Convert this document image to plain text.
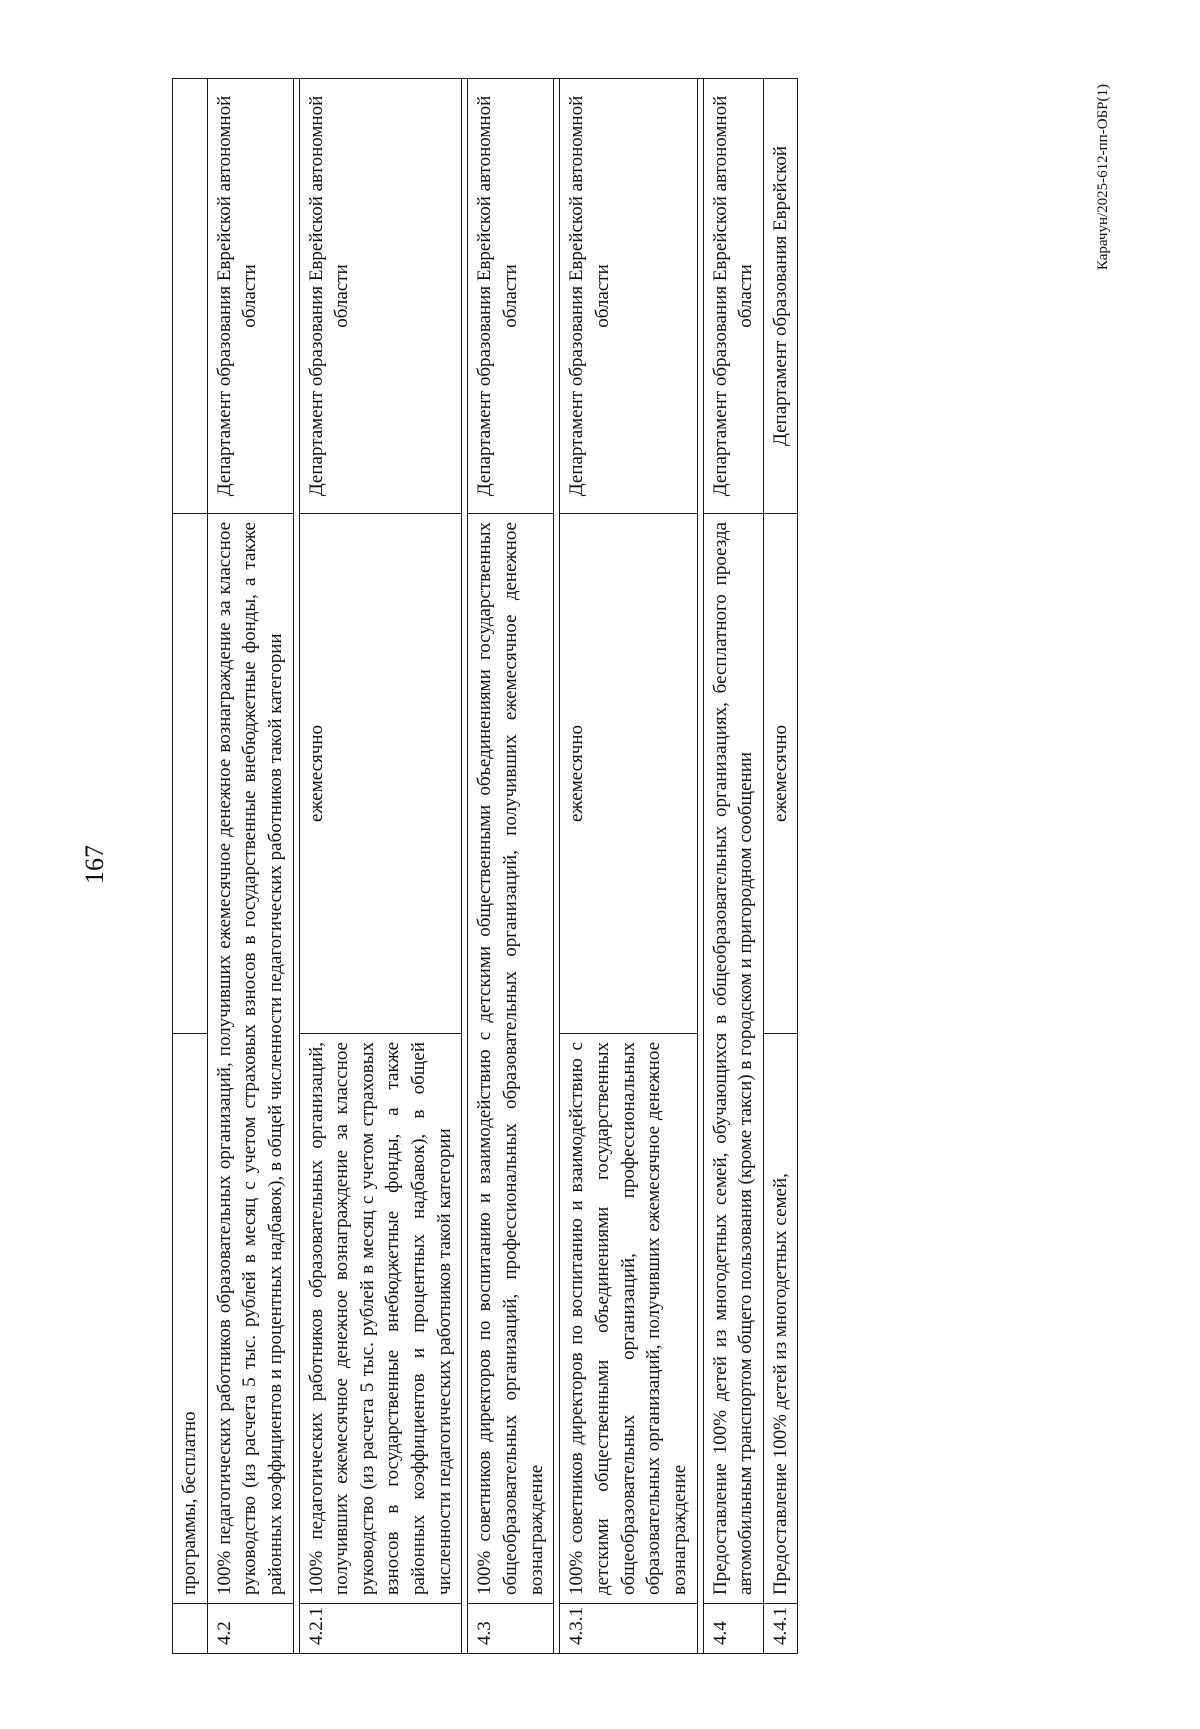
167
	программы, бесплатно		
4.2	100% педагогических работников образовательных организаций, получивших ежемесячное денежное вознаграждение за классное руководство (из расчета 5 тыс. рублей в месяц с учетом страховых взносов в государственные внебюджетные фонды, а также районных коэффициентов и процентных надбавок), в общей численности педагогических работников такой категории		Департамент образования Еврейской автономной области

4.2.1	100% педагогических работников образовательных организаций, получивших ежемесячное денежное вознаграждение за классное руководство (из расчета 5 тыс. рублей в месяц с учетом страховых взносов в государственные внебюджетные фонды, а также районных коэффициентов и процентных надбавок), в общей численности педагогических работников такой категории	ежемесячно	Департамент образования Еврейской автономной области

4.3	100% советников директоров по воспитанию и взаимодействию с детскими общественными объединениями государственных общеобразовательных организаций, профессиональных образовательных организаций, получивших ежемесячное денежное вознаграждение		Департамент образования Еврейской автономной области

4.3.1	100% советников директоров по воспитанию и взаимодействию с детскими общественными объединениями государственных общеобразовательных организаций, профессиональных образовательных организаций, получивших ежемесячное денежное вознаграждение	ежемесячно	Департамент образования Еврейской автономной области

4.4	Предоставление 100% детей из многодетных семей, обучающихся в общеобразовательных организациях, бесплатного проезда автомобильным транспортом общего пользования (кроме такси) в городском и пригородном сообщении		Департамент образования Еврейской автономной области
4.4.1	Предоставление 100% детей из многодетных семей,	ежемесячно	Департамент образования Еврейской	Карачун/2025-612-пп-ОБР(1)
